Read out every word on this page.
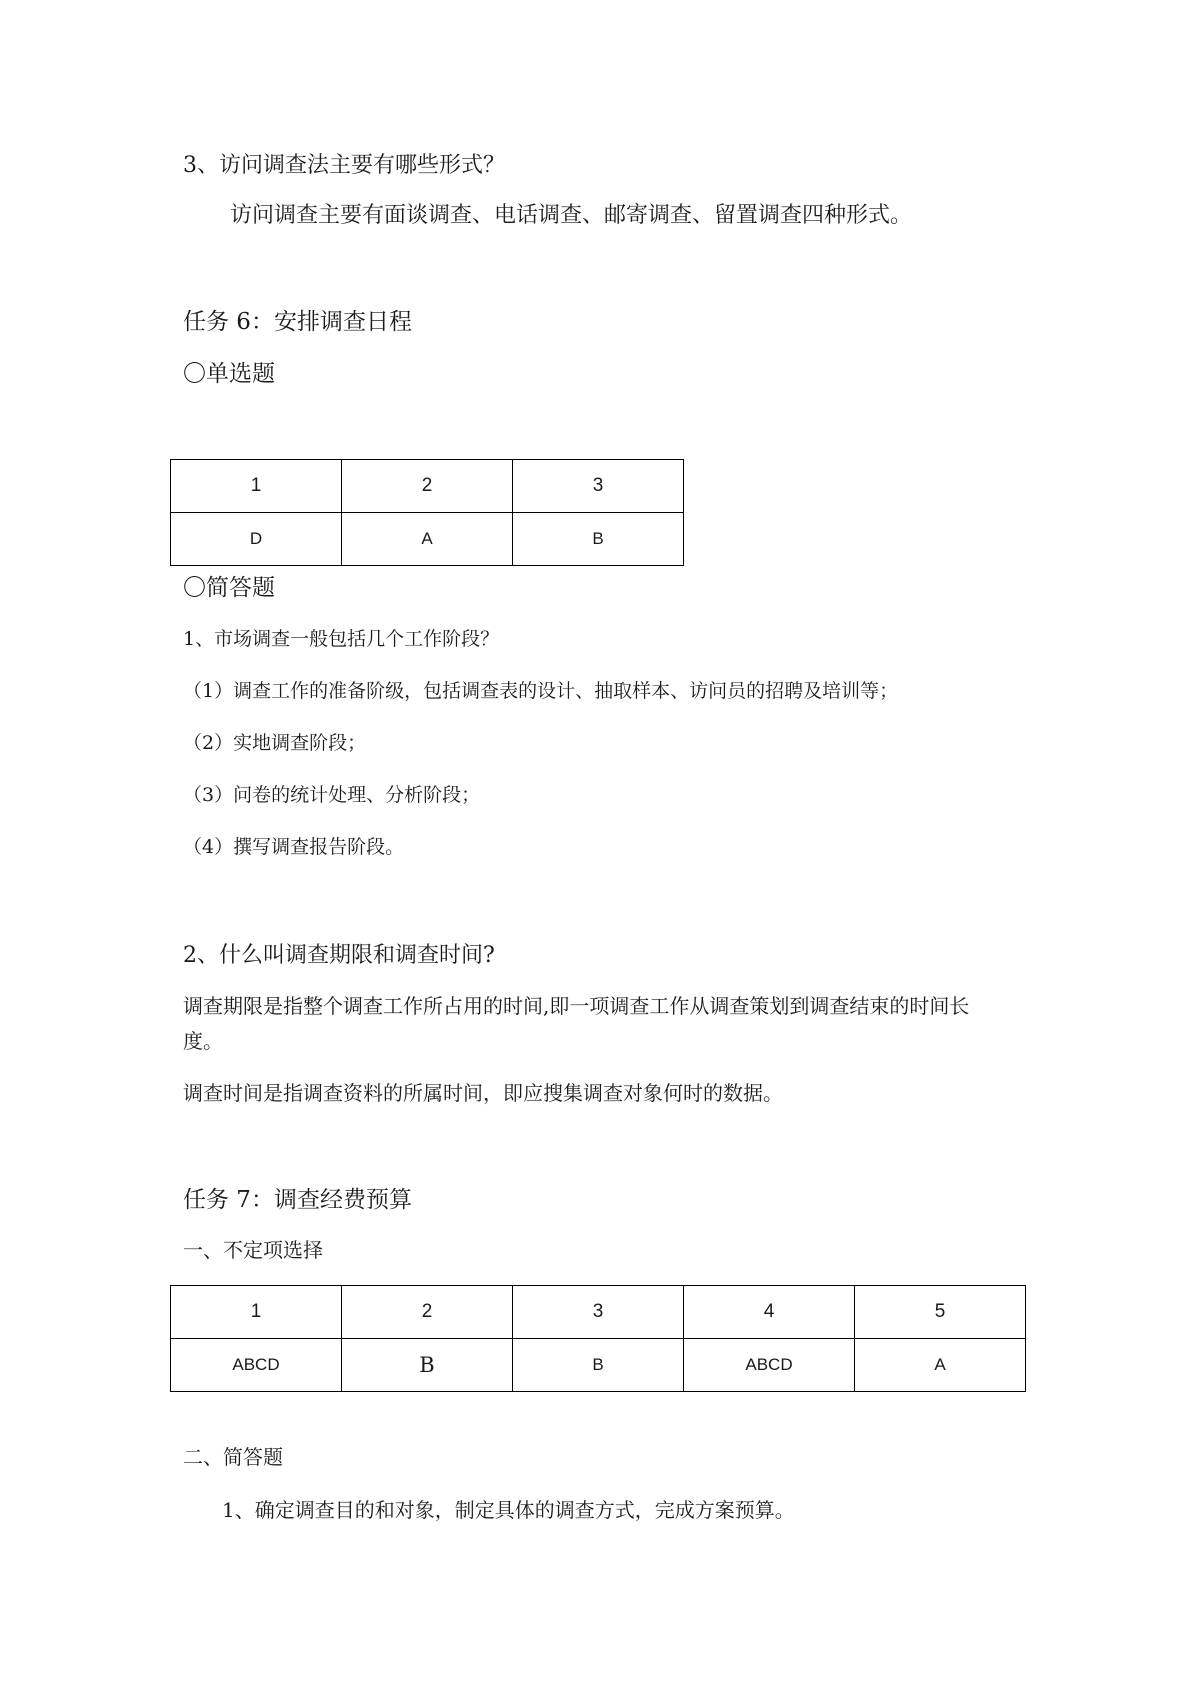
3、访问调查法主要有哪些形式？
访问调查主要有面谈调查、电话调查、邮寄调查、留置调查四种形式。
任务 6：安排调查日程
〇单选题
1	2	3
D	A	B
〇简答题
1、市场调查一般包括几个工作阶段？
（1）调查工作的准备阶级，包括调查表的设计、抽取样本、访问员的招聘及培训等；
（2）实地调查阶段；
（3）问卷的统计处理、分析阶段；
（4）撰写调查报告阶段。
2、什么叫调查期限和调查时间?
调查期限是指整个调查工作所占用的时间,即一项调查工作从调查策划到调查结束的时间长
度。
调查时间是指调查资料的所属时间，即应搜集调查对象何时的数据。
任务 7：调查经费预算
一、不定项选择
1	2	3	4	5
ABCD	B	B	ABCD	A
二、简答题
1、确定调查目的和对象，制定具体的调查方式，完成方案预算。
